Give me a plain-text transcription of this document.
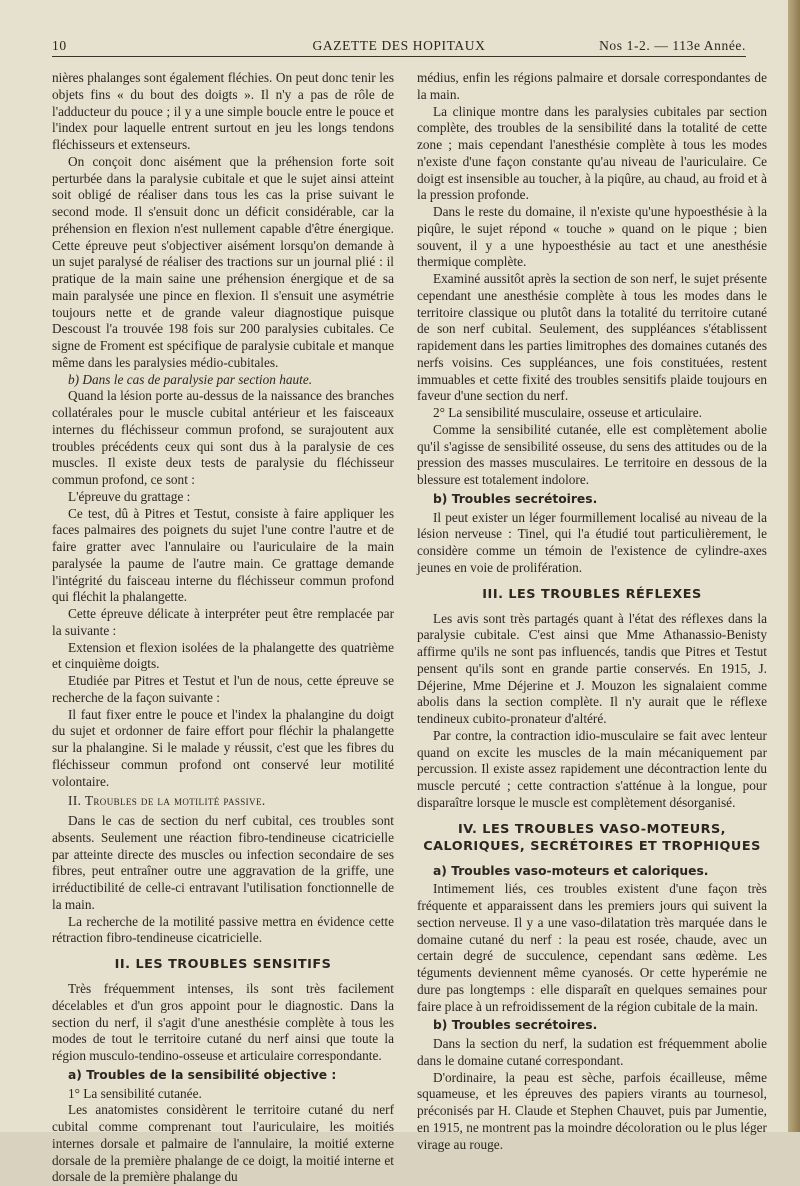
10	GAZETTE DES HOPITAUX	Nos 1-2. — 113e Année.

nières phalanges sont également fléchies. On peut donc tenir les objets fins « du bout des doigts ». Il n'y a pas de rôle de l'adducteur du pouce ; il y a une simple boucle entre le pouce et l'index pour laquelle entrent surtout en jeu les longs tendons fléchisseurs et extenseurs.

On conçoit donc aisément que la préhension forte soit perturbée dans la paralysie cubitale et que le sujet ainsi atteint soit obligé de réaliser dans tous les cas la prise suivant le second mode. Il s'ensuit donc un déficit considérable, car la préhension en flexion n'est nullement capable d'être énergique. Cette épreuve peut s'objectiver aisément lorsqu'on demande à un sujet paralysé de réaliser des tractions sur un journal plié : il pratique de la main saine une préhension énergique et de sa main paralysée une pince en flexion. Il s'ensuit une asymétrie toujours nette et de grande valeur diagnostique puisque Descoust l'a trouvée 198 fois sur 200 paralysies cubitales. Ce signe de Froment est spécifique de paralysie cubitale et manque même dans les paralysies médio-cubitales.

b) Dans le cas de paralysie par section haute.

Quand la lésion porte au-dessus de la naissance des branches collatérales pour le muscle cubital antérieur et les faisceaux internes du fléchisseur commun profond, se surajoutent aux troubles précédents ceux qui sont dus à la paralysie de ces muscles. Il existe deux tests de paralysie du fléchisseur commun profond, ce sont :

L'épreuve du grattage :

Ce test, dû à Pitres et Testut, consiste à faire appliquer les faces palmaires des poignets du sujet l'une contre l'autre et de faire gratter avec l'annulaire ou l'auriculaire de la main paralysée la paume de l'autre main. Ce grattage demande l'intégrité du faisceau interne du fléchisseur commun profond qui fléchit la phalangette.

Cette épreuve délicate à interpréter peut être remplacée par la suivante :

Extension et flexion isolées de la phalangette des quatrième et cinquième doigts.

Etudiée par Pitres et Testut et l'un de nous, cette épreuve se recherche de la façon suivante :

Il faut fixer entre le pouce et l'index la phalangine du doigt du sujet et ordonner de faire effort pour fléchir la phalangette sur la phalangine. Si le malade y réussit, c'est que les fibres du fléchisseur commun profond ont conservé leur motilité volontaire.

II. Troubles de la motilité passive.

Dans le cas de section du nerf cubital, ces troubles sont absents. Seulement une réaction fibro-tendineuse cicatricielle par atteinte directe des muscles ou infection secondaire de ses fibres, peut entraîner outre une aggravation de la griffe, une irréductibilité de celle-ci entravant l'utilisation fonctionnelle de la main.

La recherche de la motilité passive mettra en évidence cette rétraction fibro-tendineuse cicatricielle.

II. LES TROUBLES SENSITIFS

Très fréquemment intenses, ils sont très facilement décelables et d'un gros appoint pour le diagnostic. Dans la section du nerf, il s'agit d'une anesthésie complète à tous les modes de tout le territoire cutané du nerf ainsi que toute la région musculo-tendino-osseuse et articulaire correspondante.

a) Troubles de la sensibilité objective :

1° La sensibilité cutanée.

Les anatomistes considèrent le territoire cutané du nerf cubital comme comprenant tout l'auriculaire, les moitiés internes dorsale et palmaire de l'annulaire, la moitié externe dorsale de la première phalange de ce doigt, la moitié interne et dorsale de la première phalange du

médius, enfin les régions palmaire et dorsale correspondantes de la main.

La clinique montre dans les paralysies cubitales par section complète, des troubles de la sensibilité dans la totalité de cette zone ; mais cependant l'anesthésie complète à tous les modes n'existe d'une façon constante qu'au niveau de l'auriculaire. Ce doigt est insensible au toucher, à la piqûre, au chaud, au froid et à la pression profonde.

Dans le reste du domaine, il n'existe qu'une hypoesthésie à la piqûre, le sujet répond « touche » quand on le pique ; bien souvent, il y a une hypoesthésie au tact et une anesthésie thermique complète.

Examiné aussitôt après la section de son nerf, le sujet présente cependant une anesthésie complète à tous les modes dans le territoire classique ou plutôt dans la totalité du territoire cutané de son nerf cubital. Seulement, des suppléances s'établissent rapidement dans les parties limitrophes des domaines cutanés des nerfs voisins. Ces suppléances, une fois constituées, restent immuables et cette fixité des troubles sensitifs plaide toujours en faveur d'une section du nerf.

2° La sensibilité musculaire, osseuse et articulaire.

Comme la sensibilité cutanée, elle est complètement abolie qu'il s'agisse de sensibilité osseuse, du sens des attitudes ou de la pression des masses musculaires. Le territoire en dessous de la blessure est totalement indolore.

b) Troubles secrétoires.

Il peut exister un léger fourmillement localisé au niveau de la lésion nerveuse : Tinel, qui l'a étudié tout particulièrement, le considère comme un témoin de l'existence de cylindre-axes jeunes en voie de prolifération.

III. LES TROUBLES RÉFLEXES

Les avis sont très partagés quant à l'état des réflexes dans la paralysie cubitale. C'est ainsi que Mme Athanassio-Benisty affirme qu'ils ne sont pas influencés, tandis que Pitres et Testut pensent qu'ils sont en grande partie conservés. En 1915, J. Déjerine, Mme Déjerine et J. Mouzon les signalaient comme abolis dans la section complète. Il n'y aurait que le réflexe tendineux cubito-pronateur d'altéré.

Par contre, la contraction idio-musculaire se fait avec lenteur quand on excite les muscles de la main mécaniquement par percussion. Il existe assez rapidement une décontraction lente du muscle percuté ; cette contraction s'atténue à la longue, pour disparaître lorsque le muscle est complètement désorganisé.

IV. LES TROUBLES VASO-MOTEURS, CALORIQUES, SECRÉTOIRES ET TROPHIQUES
a) Troubles vaso-moteurs et caloriques.

Intimement liés, ces troubles existent d'une façon très fréquente et apparaissent dans les premiers jours qui suivent la section nerveuse. Il y a une vaso-dilatation très marquée dans le domaine cutané du nerf : la peau est rosée, chaude, avec un certain degré de succulence, cependant sans œdème. Les téguments deviennent même cyanosés. Or cette hyperémie ne dure pas longtemps : elle disparaît en quelques semaines pour faire place à un refroidissement de la région cubitale de la main.

b) Troubles secrétoires.

Dans la section du nerf, la sudation est fréquemment abolie dans le domaine cutané correspondant.

D'ordinaire, la peau est sèche, parfois écailleuse, même squameuse, et les épreuves des papiers virants au tournesol, préconisés par H. Claude et Stephen Chauvet, puis par Jumentie, en 1915, ne montrent pas la moindre décoloration ou le plus léger virage au rouge.
